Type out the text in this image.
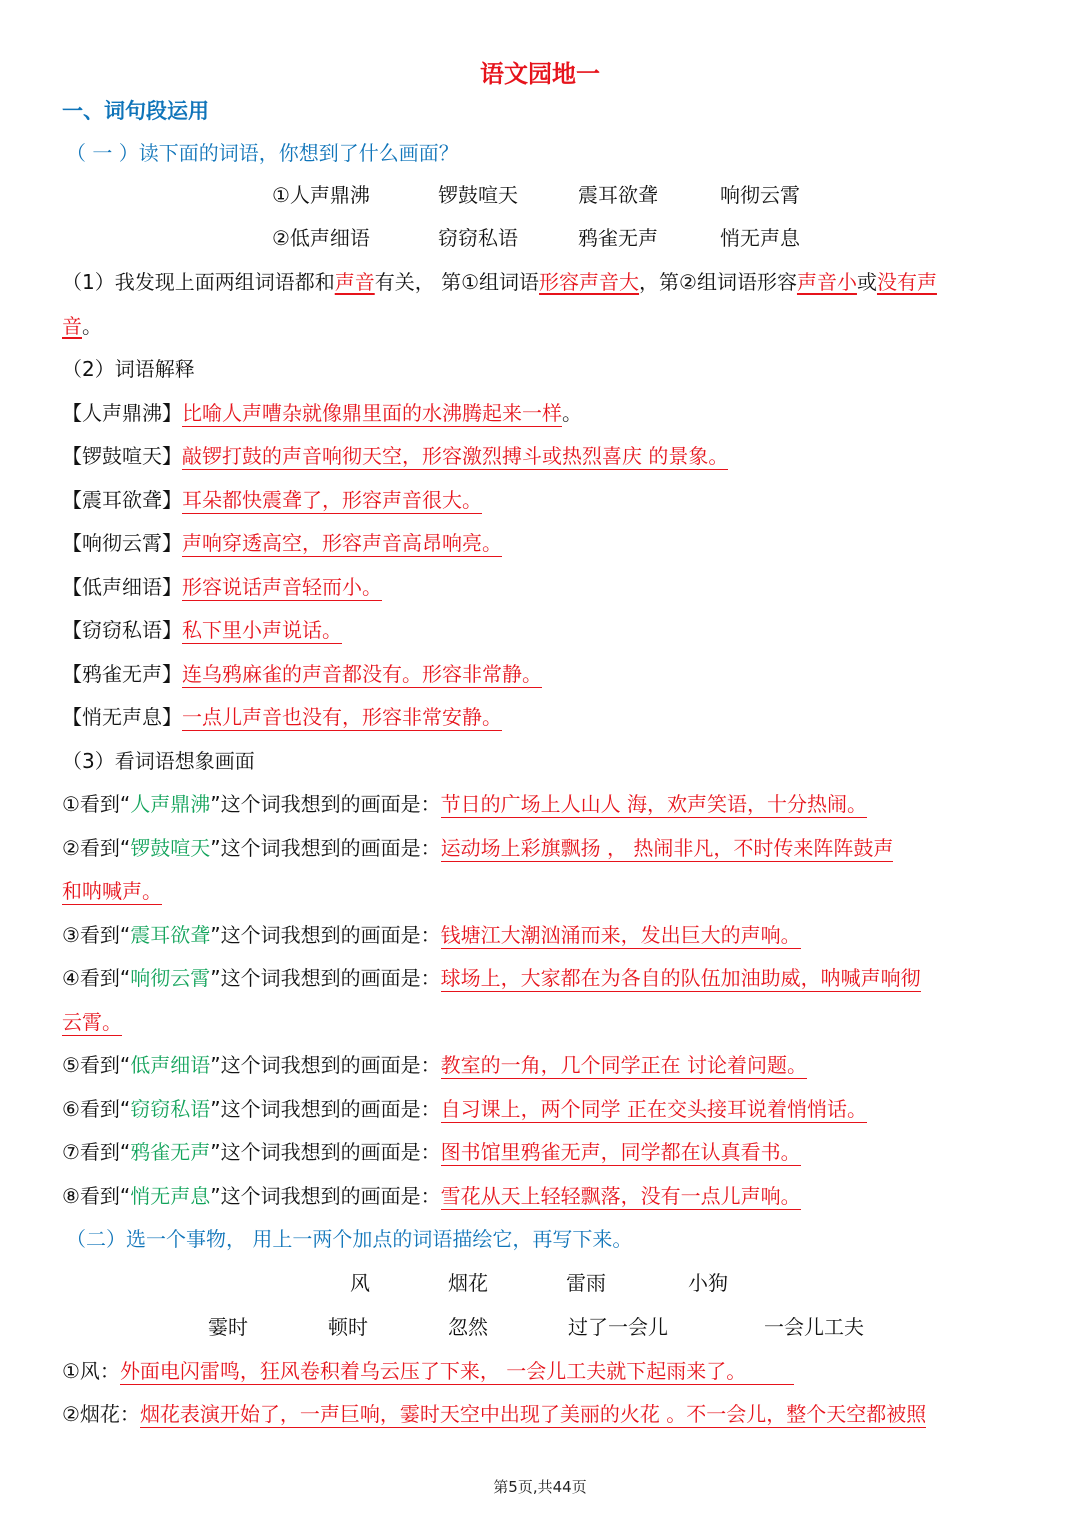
语文园地一
一、词句段运用
（ 一 ）读下面的词语，你想到了什么画面？
①人声鼎沸	锣鼓喧天	震耳欲聋	响彻云霄
②低声细语	窃窃私语	鸦雀无声	悄无声息
（1）我发现上面两组词语都和声音有关， 第①组词语形容声音大，第②组词语形容声音小或没有声
音。
（2）词语解释
【人声鼎沸】比喻人声嘈杂就像鼎里面的水沸腾起来一样。
【锣鼓喧天】敲锣打鼓的声音响彻天空，形容激烈搏斗或热烈喜庆 的景象。
【震耳欲聋】耳朵都快震聋了，形容声音很大。
【响彻云霄】声响穿透高空，形容声音高昂响亮。
【低声细语】形容说话声音轻而小。
【窃窃私语】私下里小声说话。
【鸦雀无声】连乌鸦麻雀的声音都没有。形容非常静。
【悄无声息】一点儿声音也没有，形容非常安静。
（3）看词语想象画面
①看到“人声鼎沸”这个词我想到的画面是：节日的广场上人山人 海，欢声笑语，十分热闹。
②看到“锣鼓喧天”这个词我想到的画面是：运动场上彩旗飘扬 ， 热闹非凡，不时传来阵阵鼓声
和呐喊声。
③看到“震耳欲聋”这个词我想到的画面是：钱塘江大潮汹涌而来，发出巨大的声响。
④看到“响彻云霄”这个词我想到的画面是：球场上，大家都在为各自的队伍加油助威，呐喊声响彻
云霄。
⑤看到“低声细语”这个词我想到的画面是：教室的一角，几个同学正在 讨论着问题。
⑥看到“窃窃私语”这个词我想到的画面是：自习课上，两个同学 正在交头接耳说着悄悄话。
⑦看到“鸦雀无声”这个词我想到的画面是：图书馆里鸦雀无声，同学都在认真看书。
⑧看到“悄无声息”这个词我想到的画面是：雪花从天上轻轻飘落，没有一点儿声响。
（二）选一个事物， 用上一两个加点的词语描绘它，再写下来。
风	烟花	雷雨	小狗
霎时	顿时	忽然	过了一会儿	一会儿工夫
①风：外面电闪雷鸣，狂风卷积着乌云压了下来， 一会儿工夫就下起雨来了。
②烟花：烟花表演开始了，一声巨响，霎时天空中出现了美丽的火花 。不一会儿，整个天空都被照
第5页,共44页
